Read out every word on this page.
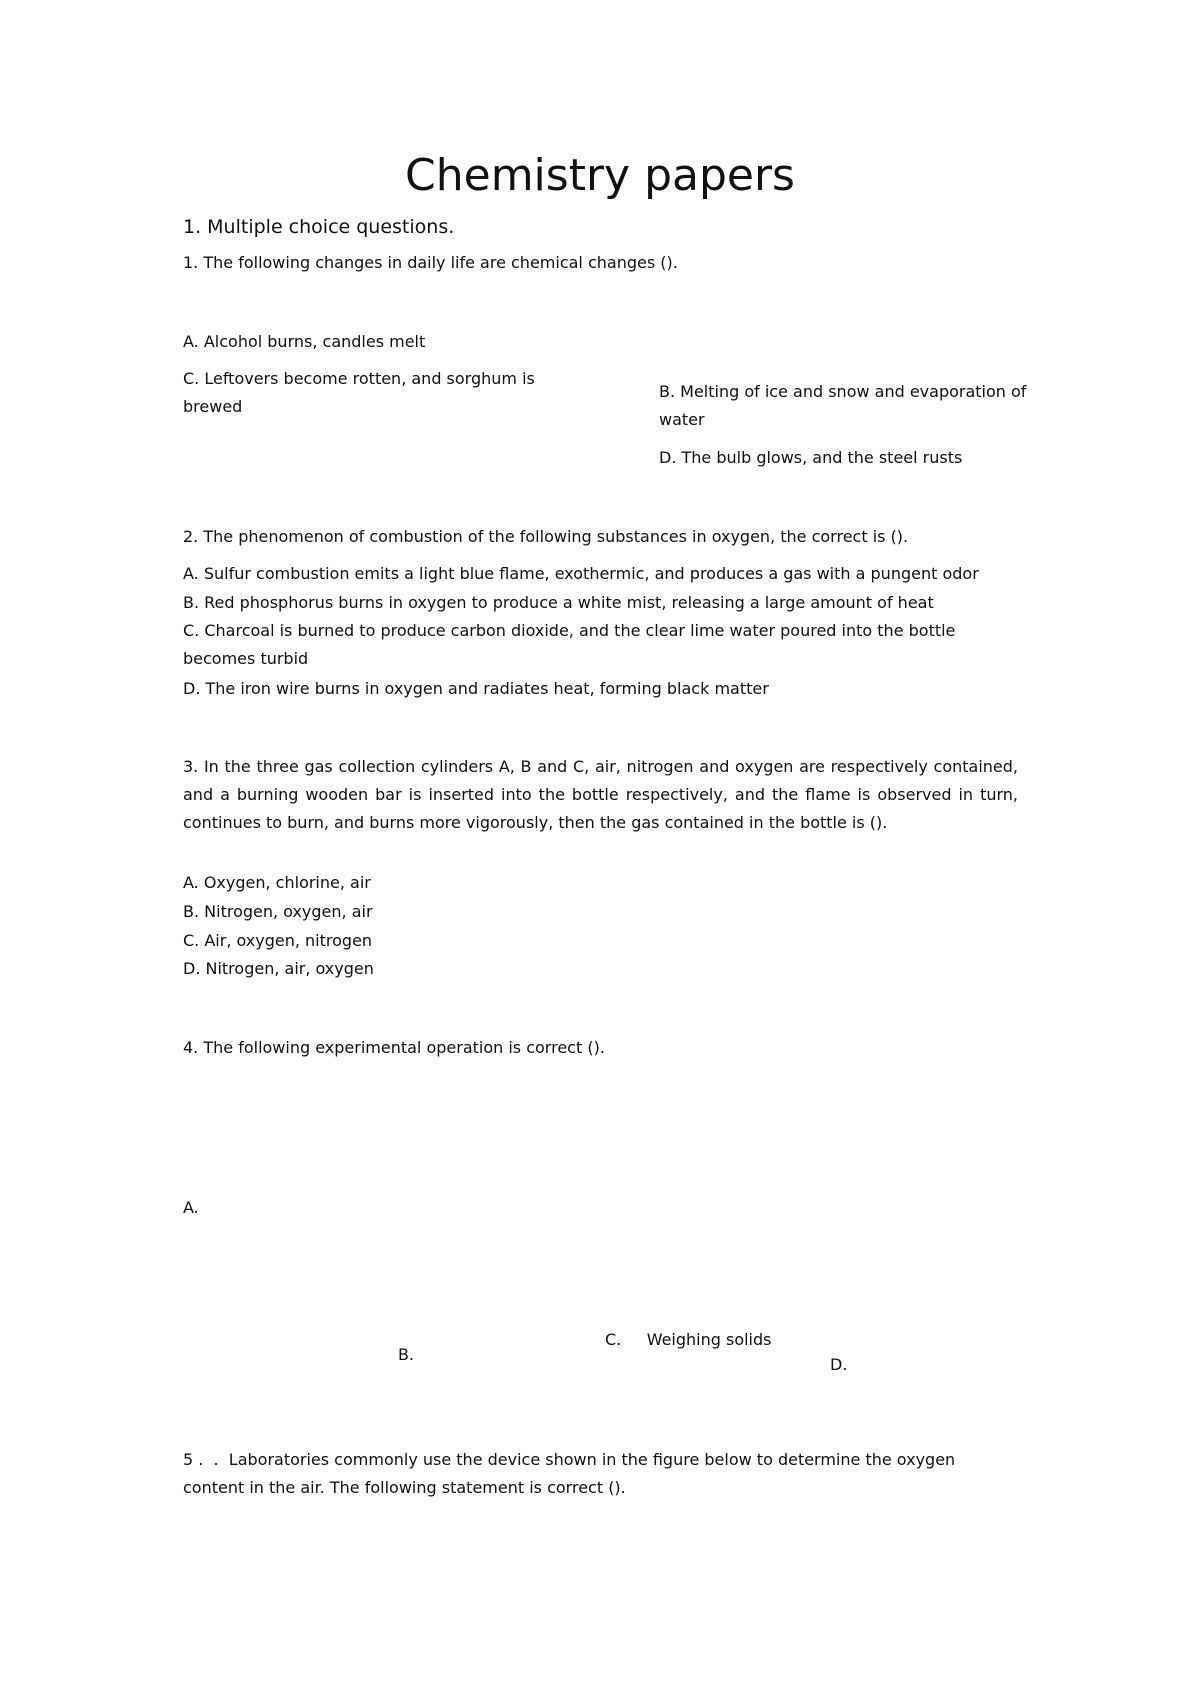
Chemistry papers
1. Multiple choice questions.
1. The following changes in daily life are chemical changes ().
A. Alcohol burns, candles melt
C. Leftovers become rotten, and sorghum is brewed
B. Melting of ice and snow and evaporation of water
D. The bulb glows, and the steel rusts
2. The phenomenon of combustion of the following substances in oxygen, the correct is ().
A. Sulfur combustion emits a light blue flame, exothermic, and produces a gas with a pungent odor
B. Red phosphorus burns in oxygen to produce a white mist, releasing a large amount of heat
C. Charcoal is burned to produce carbon dioxide, and the clear lime water poured into the bottle becomes turbid
D. The iron wire burns in oxygen and radiates heat, forming black matter
3. In the three gas collection cylinders A, B and C, air, nitrogen and oxygen are respectively contained, and a burning wooden bar is inserted into the bottle respectively, and the flame is observed in turn, continues to burn, and burns more vigorously, then the gas contained in the bottle is ().
A. Oxygen, chlorine, air
B. Nitrogen, oxygen, air
C. Air, oxygen, nitrogen
D. Nitrogen, air, oxygen
4. The following experimental operation is correct ().
A.
B.
C.     Weighing solids
D.
5 .  .  Laboratories commonly use the device shown in the figure below to determine the oxygen content in the air. The following statement is correct ().
